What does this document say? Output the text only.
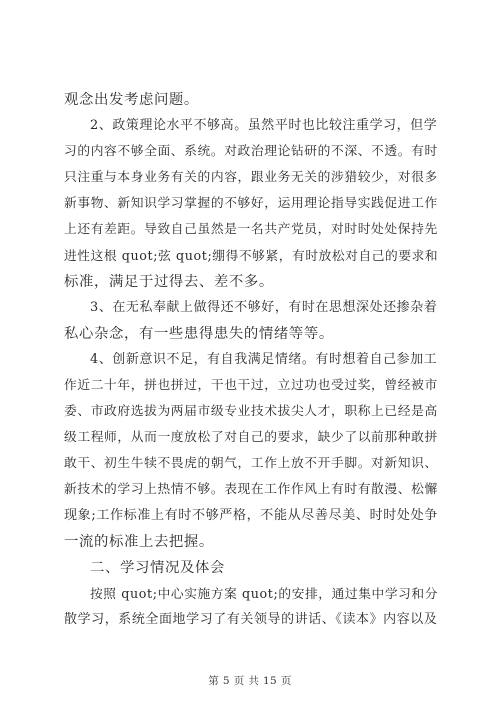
观念出发考虑问题。
2、政策理论水平不够高。虽然平时也比较注重学习，但学
习的内容不够全面、系统。对政治理论钻研的不深、不透。有时
只注重与本身业务有关的内容，跟业务无关的涉猎较少，对很多
新事物、新知识学习掌握的不够好，运用理论指导实践促进工作
上还有差距。导致自己虽然是一名共产党员，对时时处处保持先
进性这根 quot;弦 quot;绷得不够紧，有时放松对自己的要求和
标准，满足于过得去、差不多。
3、在无私奉献上做得还不够好，有时在思想深处还掺杂着
私心杂念，有一些患得患失的情绪等等。
4、创新意识不足，有自我满足情绪。有时想着自己参加工
作近二十年，拼也拼过，干也干过，立过功也受过奖，曾经被市
委、市政府选拔为两届市级专业技术拔尖人才，职称上已经是高
级工程师，从而一度放松了对自己的要求，缺少了以前那种敢拼
敢干、初生牛犊不畏虎的朝气，工作上放不开手脚。对新知识、
新技术的学习上热情不够。表现在工作作风上有时有散漫、松懈
现象;工作标准上有时不够严格，不能从尽善尽美、时时处处争
一流的标准上去把握。
二、学习情况及体会
按照 quot;中心实施方案 quot;的安排，通过集中学习和分
散学习，系统全面地学习了有关领导的讲话、《读本》内容以及
第 5 页 共 15 页
